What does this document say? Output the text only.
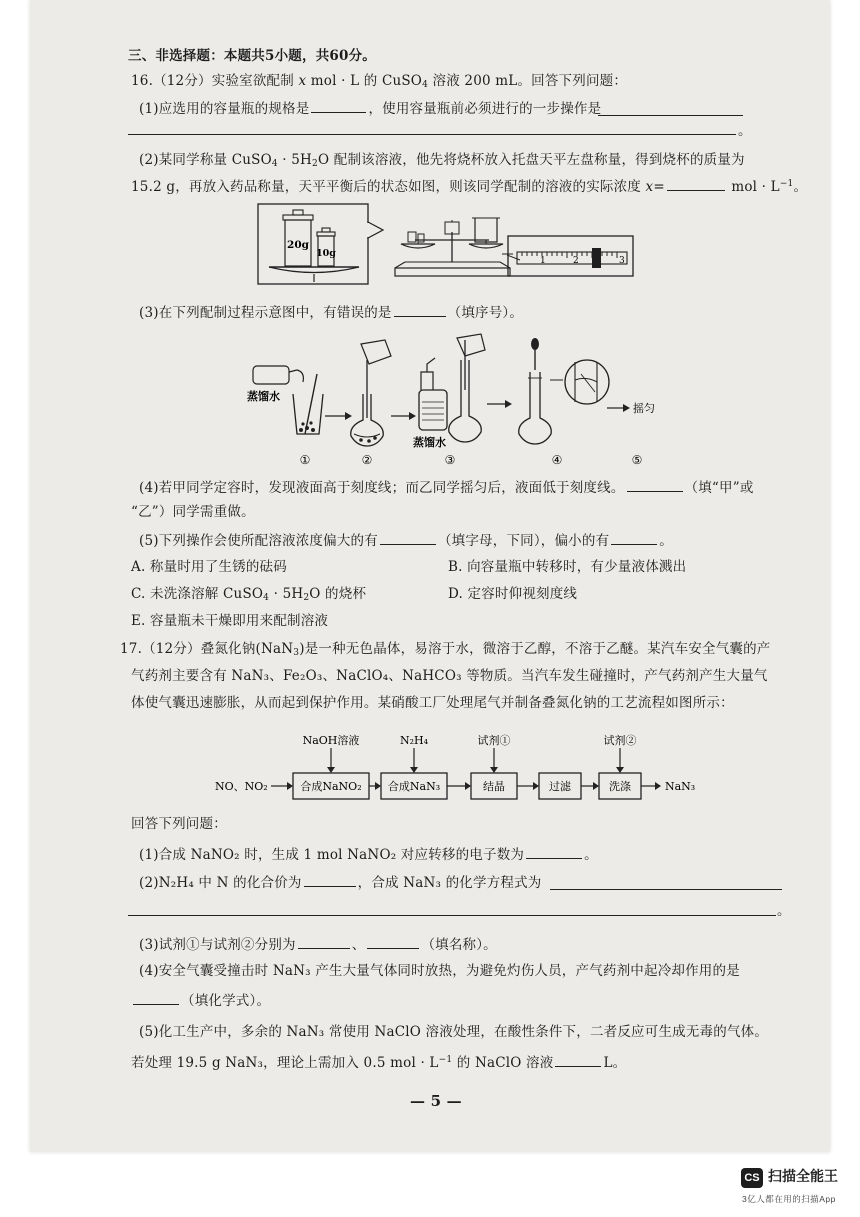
三、非选择题：本题共5小题，共60分。
16.（12分）实验室欲配制 x mol · L 的 CuSO$_4$ 溶液 200 mL。回答下列问题：
(1)应选用的容量瓶的规格是	，使用容量瓶前必须进行的一步操作是
。
(2)某同学称量 CuSO$_4$ · $5H_2O$ 配制该溶液，他先将烧杯放入托盘天平左盘称量，得到烧杯的质量为
15.2 g，再放入药品称量，天平平衡后的状态如图，则该同学配制的溶液的实际浓度 x=	mol · $L^{-1}$。
20g
10g
1	2	3
(3)在下列配制过程示意图中，有错误的是	（填序号）。
蒸馏水
蒸馏水
摇匀
①	②	③	④	⑤
(4)若甲同学定容时，发现液面高于刻度线；而乙同学摇匀后，液面低于刻度线。	（填“甲”或
“乙”）同学需重做。
(5)下列操作会使所配溶液浓度偏大的有	（填字母，下同），偏小的有	。
A. 称量时用了生锈的砝码	B. 向容量瓶中转移时，有少量液体溅出
C. 未洗涤溶解 CuSO$_4$ · $5H_2O$ 的烧杯	D. 定容时仰视刻度线
E. 容量瓶未干燥即用来配制溶液
17.（12分）叠氮化钠(NaN$_3$)是一种无色晶体，易溶于水，微溶于乙醇，不溶于乙醚。某汽车安全气囊的产
气药剂主要含有 NaN₃、Fe₂O₃、NaClO₄、NaHCO₃ 等物质。当汽车发生碰撞时，产气药剂产生大量气
体使气囊迅速膨胀，从而起到保护作用。某硝酸工厂处理尾气并制备叠氮化钠的工艺流程如图所示：
NO、NO₂	合成NaNO₂ 合成NaN₃	结晶	过滤	洗涤	NaN₃
NaOH溶液	N₂H₄	试剂①	试剂②
回答下列问题：
(1)合成 NaNO₂ 时，生成 1 mol NaNO₂ 对应转移的电子数为	。
(2)N₂H₄ 中 N 的化合价为	，合成 NaN₃ 的化学方程式为
。
(3)试剂①与试剂②分别为	、	（填名称）。
(4)安全气囊受撞击时 NaN₃ 产生大量气体同时放热，为避免灼伤人员，产气药剂中起冷却作用的是
（填化学式）。
(5)化工生产中，多余的 NaN₃ 常使用 NaClO 溶液处理，在酸性条件下，二者反应可生成无毒的气体。
若处理 19.5 g NaN₃，理论上需加入 0.5 mol · $L^{-1}$ 的 NaClO 溶液	L。
— 5 —
CS 扫描全能王
3亿人都在用的扫描App
